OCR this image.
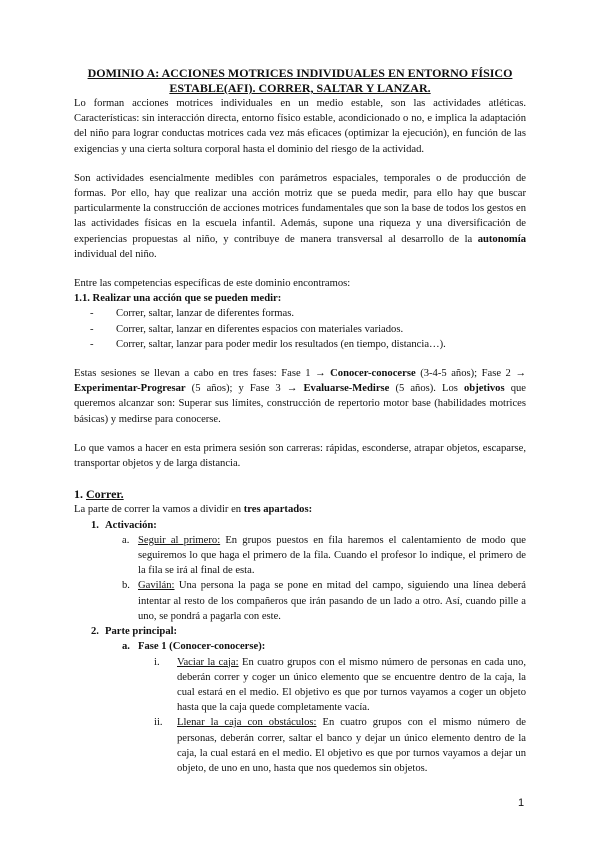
DOMINIO A: ACCIONES MOTRICES INDIVIDUALES EN ENTORNO FÍSICO
ESTABLE(AFI). CORRER, SALTAR Y LANZAR.

Lo forman acciones motrices individuales en un medio estable, son las actividades atléticas. Características: sin interacción directa, entorno físico estable, acondicionado o no, e implica la adaptación del niño para lograr conductas motrices cada vez más eficaces (optimizar la ejecución), en función de las exigencias y una cierta soltura corporal hasta el dominio del riesgo de la actividad.

Son actividades esencialmente medibles con parámetros espaciales, temporales o de producción de formas. Por ello, hay que realizar una acción motriz que se pueda medir, para ello hay que buscar particularmente la construcción de acciones motrices fundamentales que son la base de todos los gestos en las actividades físicas en la escuela infantil. Además, supone una riqueza y una diversificación de experiencias propuestas al niño, y contribuye de manera transversal al desarrollo de la autonomía individual del niño.

Entre las competencias específicas de este dominio encontramos:

1.1. Realizar una acción que se pueden medir:

- Correr, saltar, lanzar de diferentes formas.
- Correr, saltar, lanzar en diferentes espacios con materiales variados.
- Correr, saltar, lanzar para poder medir los resultados (en tiempo, distancia…).

Estas sesiones se llevan a cabo en tres fases: Fase 1 → Conocer-conocerse (3-4-5 años); Fase 2 → Experimentar-Progresar (5 años); y Fase 3 → Evaluarse-Medirse (5 años). Los objetivos que queremos alcanzar son: Superar sus límites, construcción de repertorio motor base (habilidades motrices básicas) y medirse para conocerse.

Lo que vamos a hacer en esta primera sesión son carreras: rápidas, esconderse, atrapar objetos, escaparse, transportar objetos y de larga distancia.

1. Correr.

La parte de correr la vamos a dividir en tres apartados:

1. Activación:
a. Seguir al primero: En grupos puestos en fila haremos el calentamiento de modo que seguiremos lo que haga el primero de la fila. Cuando el profesor lo indique, el primero de la fila se irá al final de esta.
b. Gavilán: Una persona la paga se pone en mitad del campo, siguiendo una línea deberá intentar al resto de los compañeros que irán pasando de un lado a otro. Así, cuando pille a uno, se pondrá a pagarla con este.
2. Parte principal:
a. Fase 1 (Conocer-conocerse):
i. Vaciar la caja: En cuatro grupos con el mismo número de personas en cada uno, deberán correr y coger un único elemento que se encuentre dentro de la caja, la cual estará en el medio. El objetivo es que por turnos vayamos a coger un objeto hasta que la caja quede completamente vacía.
ii. Llenar la caja con obstáculos: En cuatro grupos con el mismo número de personas, deberán correr, saltar el banco y dejar un único elemento dentro de la caja, la cual estará en el medio. El objetivo es que por turnos vayamos a dejar un objeto, de uno en uno, hasta que nos quedemos sin objetos.
1
